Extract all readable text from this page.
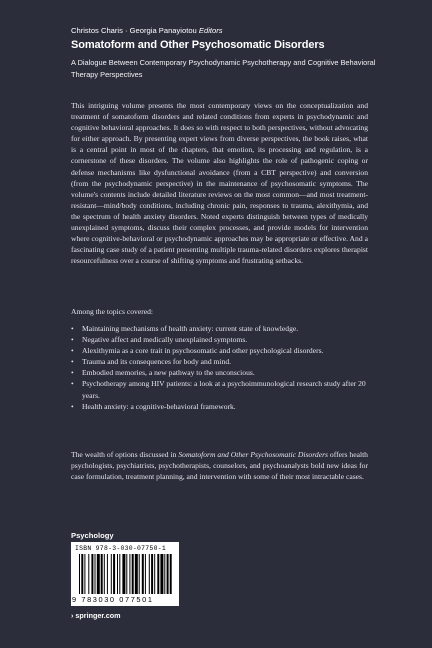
Christos Charis · Georgia Panayiotou Editors
Somatoform and Other Psychosomatic Disorders
A Dialogue Between Contemporary Psychodynamic Psychotherapy and Cognitive Behavioral Therapy Perspectives

This intriguing volume presents the most contemporary views on the conceptualization and treatment of somatoform disorders and related conditions from experts in psychodynamic and cognitive behavioral approaches. It does so with respect to both perspectives, without advocating for either approach. By presenting expert views from diverse perspectives, the book raises, what is a central point in most of the chapters, that emotion, its processing and regulation, is a cornerstone of these disorders. The volume also highlights the role of pathogenic coping or defense mechanisms like dysfunctional avoidance (from a CBT perspective) and conversion (from the psychodynamic perspective) in the maintenance of psychosomatic symptoms. The volume's contents include detailed literature reviews on the most common—and most treatment-resistant—mind/body conditions, including chronic pain, responses to trauma, alexithymia, and the spectrum of health anxiety disorders. Noted experts distinguish between types of medically unexplained symptoms, discuss their complex processes, and provide models for intervention where cognitive-behavioral or psychodynamic approaches may be appropriate or effective. And a fascinating case study of a patient presenting multiple trauma-related disorders explores therapist resourcefulness over a course of shifting symptoms and frustrating setbacks.

Among the topics covered:
• Maintaining mechanisms of health anxiety: current state of knowledge.
• Negative affect and medically unexplained symptoms.
• Alexithymia as a core trait in psychosomatic and other psychological disorders.
• Trauma and its consequences for body and mind.
• Embodied memories, a new pathway to the unconscious.
• Psychotherapy among HIV patients: a look at a psychoimmunological research study after 20 years.
• Health anxiety: a cognitive-behavioral framework.

The wealth of options discussed in Somatoform and Other Psychosomatic Disorders offers health psychologists, psychiatrists, psychotherapists, counselors, and psychoanalysts bold new ideas for case formulation, treatment planning, and intervention with some of their most intractable cases.

Psychology
ISBN 978-3-030-07750-1
9 783030 077501
› springer.com
